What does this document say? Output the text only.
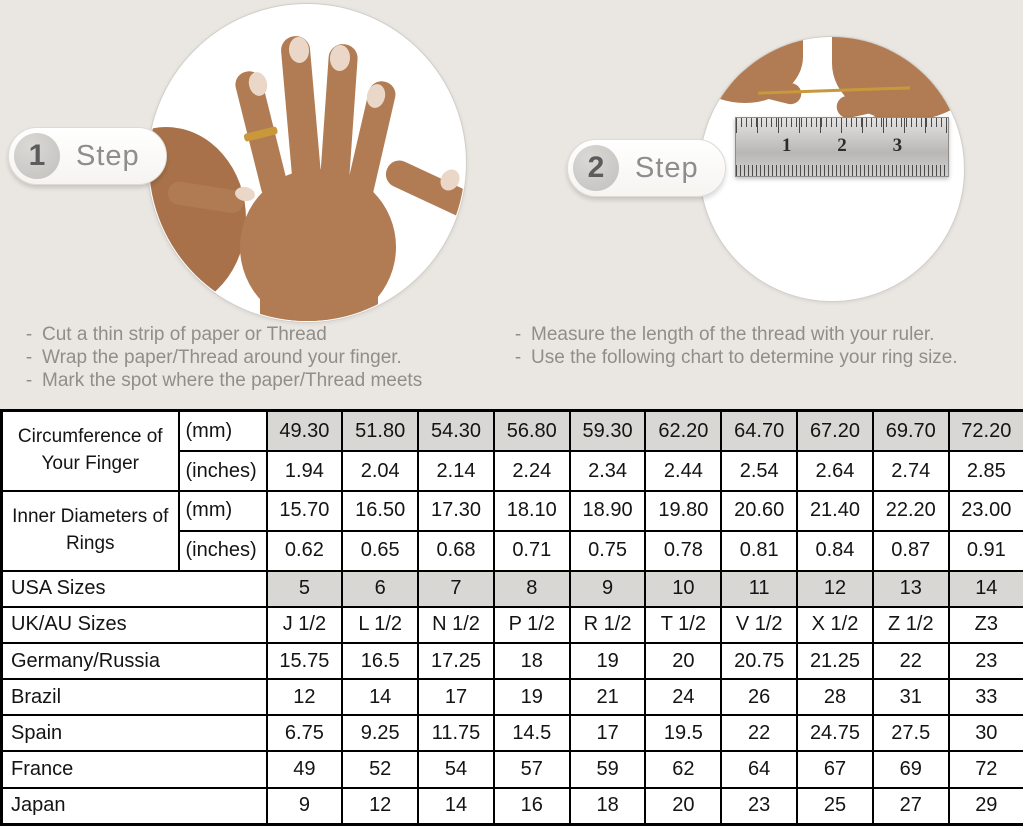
1 2 3
1	Step	2	Step
- Cut a thin strip of paper or Thread
- Wrap the paper/Thread around your finger.
- Mark the spot where the paper/Thread meets
- Measure the length of the thread with your ruler.
- Use the following chart to determine your ring size.
Circumference of Your Finger	(mm)	49.30	51.80	54.30	56.80	59.30	62.20	64.70	67.20	69.70	72.20
	(inches)	1.94	2.04	2.14	2.24	2.34	2.44	2.54	2.64	2.74	2.85
Inner Diameters of Rings	(mm)	15.70	16.50	17.30	18.10	18.90	19.80	20.60	21.40	22.20	23.00
	(inches)	0.62	0.65	0.68	0.71	0.75	0.78	0.81	0.84	0.87	0.91
USA Sizes		5	6	7	8	9	10	11	12	13	14
UK/AU Sizes		J 1/2	L 1/2	N 1/2	P 1/2	R 1/2	T 1/2	V 1/2	X 1/2	Z 1/2	Z3
Germany/Russia		15.75	16.5	17.25	18	19	20	20.75	21.25	22	23
Brazil		12	14	17	19	21	24	26	28	31	33
Spain		6.75	9.25	11.75	14.5	17	19.5	22	24.75	27.5	30
France		49	52	54	57	59	62	64	67	69	72
Japan		9	12	14	16	18	20	23	25	27	29
